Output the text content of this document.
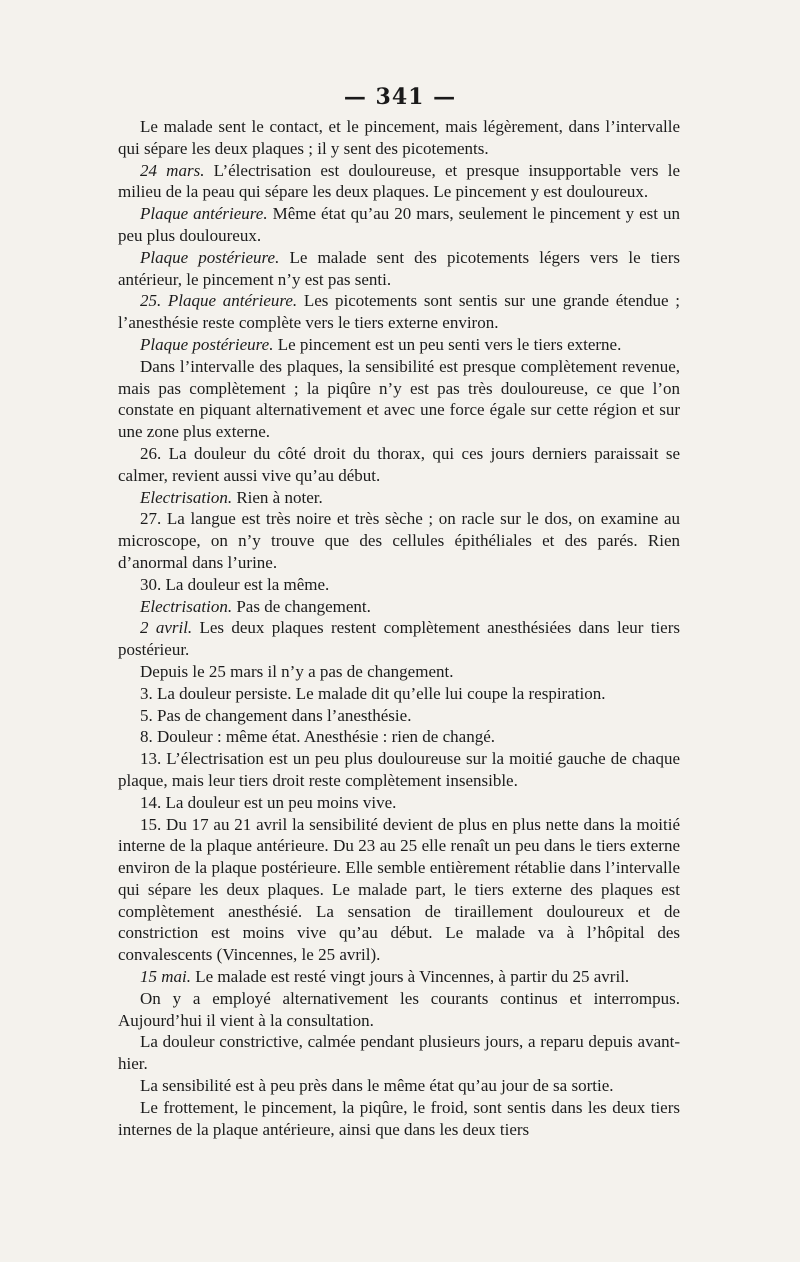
— 341 —

Le malade sent le contact, et le pincement, mais légèrement, dans l’intervalle qui sépare les deux plaques ; il y sent des picotements.

24 mars. L’électrisation est douloureuse, et presque insupportable vers le milieu de la peau qui sépare les deux plaques. Le pincement y est douloureux.

Plaque antérieure. Même état qu’au 20 mars, seulement le pincement y est un peu plus douloureux.

Plaque postérieure. Le malade sent des picotements légers vers le tiers antérieur, le pincement n’y est pas senti.

25. Plaque antérieure. Les picotements sont sentis sur une grande étendue ; l’anesthésie reste complète vers le tiers externe environ.

Plaque postérieure. Le pincement est un peu senti vers le tiers externe.

Dans l’intervalle des plaques, la sensibilité est presque complètement revenue, mais pas complètement ; la piqûre n’y est pas très douloureuse, ce que l’on constate en piquant alternativement et avec une force égale sur cette région et sur une zone plus externe.

26. La douleur du côté droit du thorax, qui ces jours derniers paraissait se calmer, revient aussi vive qu’au début.

Electrisation. Rien à noter.

27. La langue est très noire et très sèche ; on racle sur le dos, on examine au microscope, on n’y trouve que des cellules épithéliales et des parés. Rien d’anormal dans l’urine.

30. La douleur est la même.

Electrisation. Pas de changement.

2 avril. Les deux plaques restent complètement anesthésiées dans leur tiers postérieur.

Depuis le 25 mars il n’y a pas de changement.

3. La douleur persiste. Le malade dit qu’elle lui coupe la respiration.

5. Pas de changement dans l’anesthésie.

8. Douleur : même état. Anesthésie : rien de changé.

13. L’électrisation est un peu plus douloureuse sur la moitié gauche de chaque plaque, mais leur tiers droit reste complètement insensible.

14. La douleur est un peu moins vive.

15. Du 17 au 21 avril la sensibilité devient de plus en plus nette dans la moitié interne de la plaque antérieure. Du 23 au 25 elle renaît un peu dans le tiers externe environ de la plaque postérieure. Elle semble entièrement rétablie dans l’intervalle qui sépare les deux plaques. Le malade part, le tiers externe des plaques est complètement anesthésié. La sensation de tiraillement douloureux et de constriction est moins vive qu’au début. Le malade va à l’hôpital des convalescents (Vincennes, le 25 avril).

15 mai. Le malade est resté vingt jours à Vincennes, à partir du 25 avril.

On y a employé alternativement les courants continus et interrompus. Aujourd’hui il vient à la consultation.

La douleur constrictive, calmée pendant plusieurs jours, a reparu depuis avant-hier.

La sensibilité est à peu près dans le même état qu’au jour de sa sortie.

Le frottement, le pincement, la piqûre, le froid, sont sentis dans les deux tiers internes de la plaque antérieure, ainsi que dans les deux tiers
